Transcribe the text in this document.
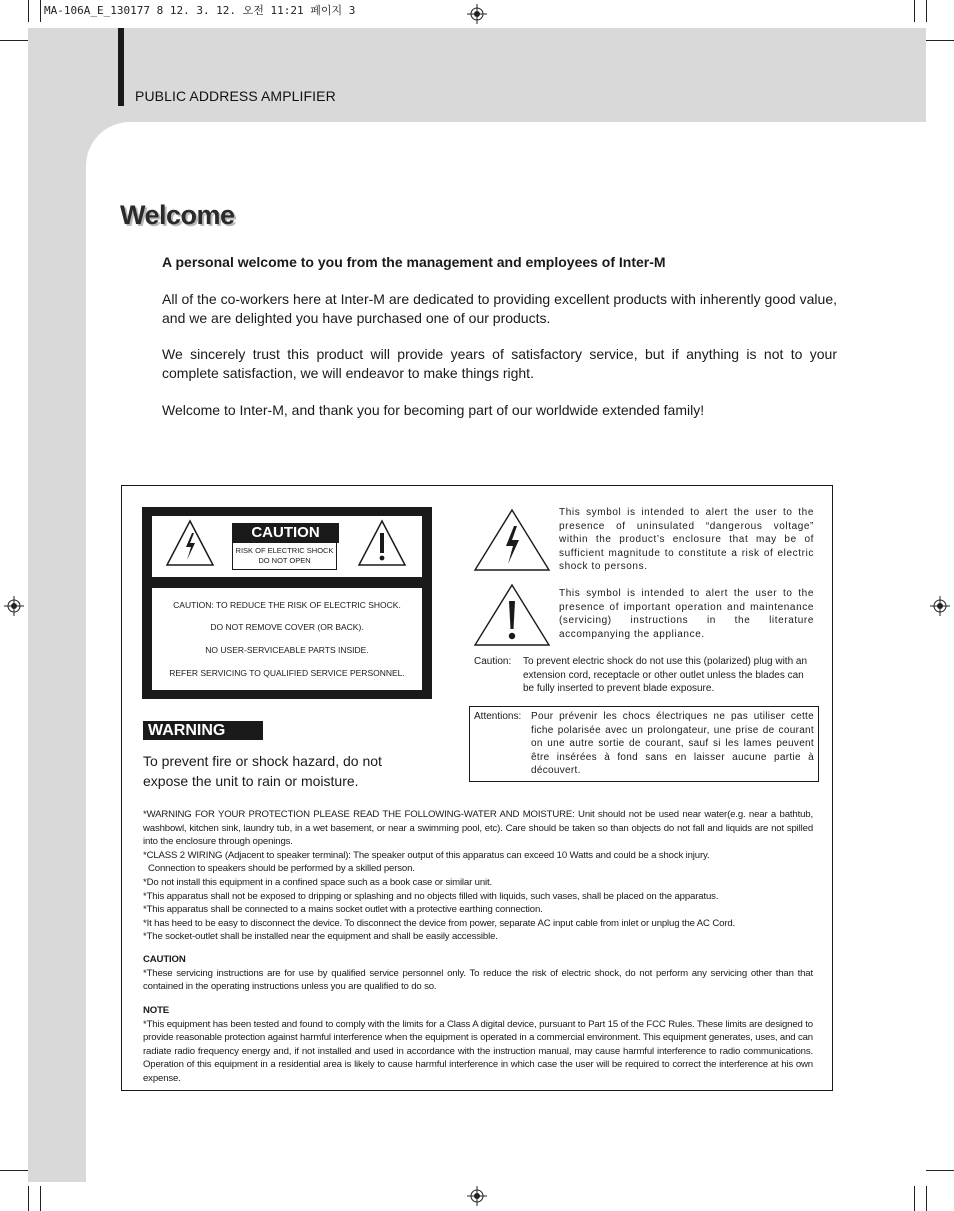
MA-106A_E_130177 8 12. 3. 12. 오전 11:21 페이지 3
PUBLIC ADDRESS AMPLIFIER
Welcome
A personal welcome to you from the management and employees of Inter-M
All of the co-workers here at Inter-M are dedicated to providing excellent products with inherently good value, and we are delighted you have purchased one of our products.
We sincerely trust this product will provide years of satisfactory service, but if anything is not to your complete satisfaction, we will endeavor to make things right.
Welcome to Inter-M, and thank you for becoming part of our worldwide extended family!
CAUTION
RISK OF ELECTRIC SHOCK
DO NOT OPEN
CAUTION: TO REDUCE THE RISK OF ELECTRIC SHOCK.
DO NOT REMOVE COVER (OR BACK).
NO USER-SERVICEABLE PARTS INSIDE.
REFER SERVICING TO QUALIFIED SERVICE PERSONNEL.
WARNING
To prevent fire or shock hazard, do not expose the unit to rain or moisture.
This symbol is intended to alert the user to the presence of uninsulated “dangerous voltage” within the product’s enclosure that may be of sufficient magnitude to constitute a risk of electric shock to persons.
This symbol is intended to alert the user to the presence of important operation and maintenance (servicing) instructions in the literature accompanying the appliance.
Caution:	To prevent electric shock do not use this (polarized) plug with an extension cord, receptacle or other outlet unless the blades can be fully inserted to prevent blade exposure.
Attentions: Pour prévenir les chocs électriques ne pas utiliser cette fiche polarisée avec un prolongateur, une prise de courant on une autre sortie de courant, sauf si les lames peuvent être insérées à fond sans en laisser aucune partie à découvert.
*WARNING FOR YOUR PROTECTION PLEASE READ THE FOLLOWING-WATER AND MOISTURE: Unit should not be used near water(e.g. near a bathtub, washbowl, kitchen sink, laundry tub, in a wet basement, or near a swimming pool, etc). Care should be taken so than objects do not fall and liquids are not spilled into the enclosure through openings.
*CLASS 2 WIRING (Adjacent to speaker terminal): The speaker output of this apparatus can exceed 10 Watts and could be a shock injury.
Connection to speakers should be performed by a skilled person.
*Do not install this equipment in a confined space such as a book case or similar unit.
*This apparatus shall not be exposed to dripping or splashing and no objects filled with liquids, such vases, shall be placed on the apparatus.
*This apparatus shall be connected to a mains socket outlet with a protective earthing connection.
*It has heed to be easy to disconnect the device. To disconnect the device from power, separate AC input cable from inlet or unplug the AC Cord.
*The socket-outlet shall be installed near the equipment and shall be easily accessible.
CAUTION
*These servicing instructions are for use by qualified service personnel only. To reduce the risk of electric shock, do not perform any servicing other than that contained in the operating instructions unless you are qualified to do so.
NOTE
*This equipment has been tested and found to comply with the limits for a Class A digital device, pursuant to Part 15 of the FCC Rules. These limits are designed to provide reasonable protection against harmful interference when the equipment is operated in a commercial environment. This equipment generates, uses, and can radiate radio frequency energy and, if not installed and used in accordance with the instruction manual, may cause harmful interference to radio communications. Operation of this equipment in a residential area is likely to cause harmful interference in which case the user will be required to correct the interference at his own expense.
